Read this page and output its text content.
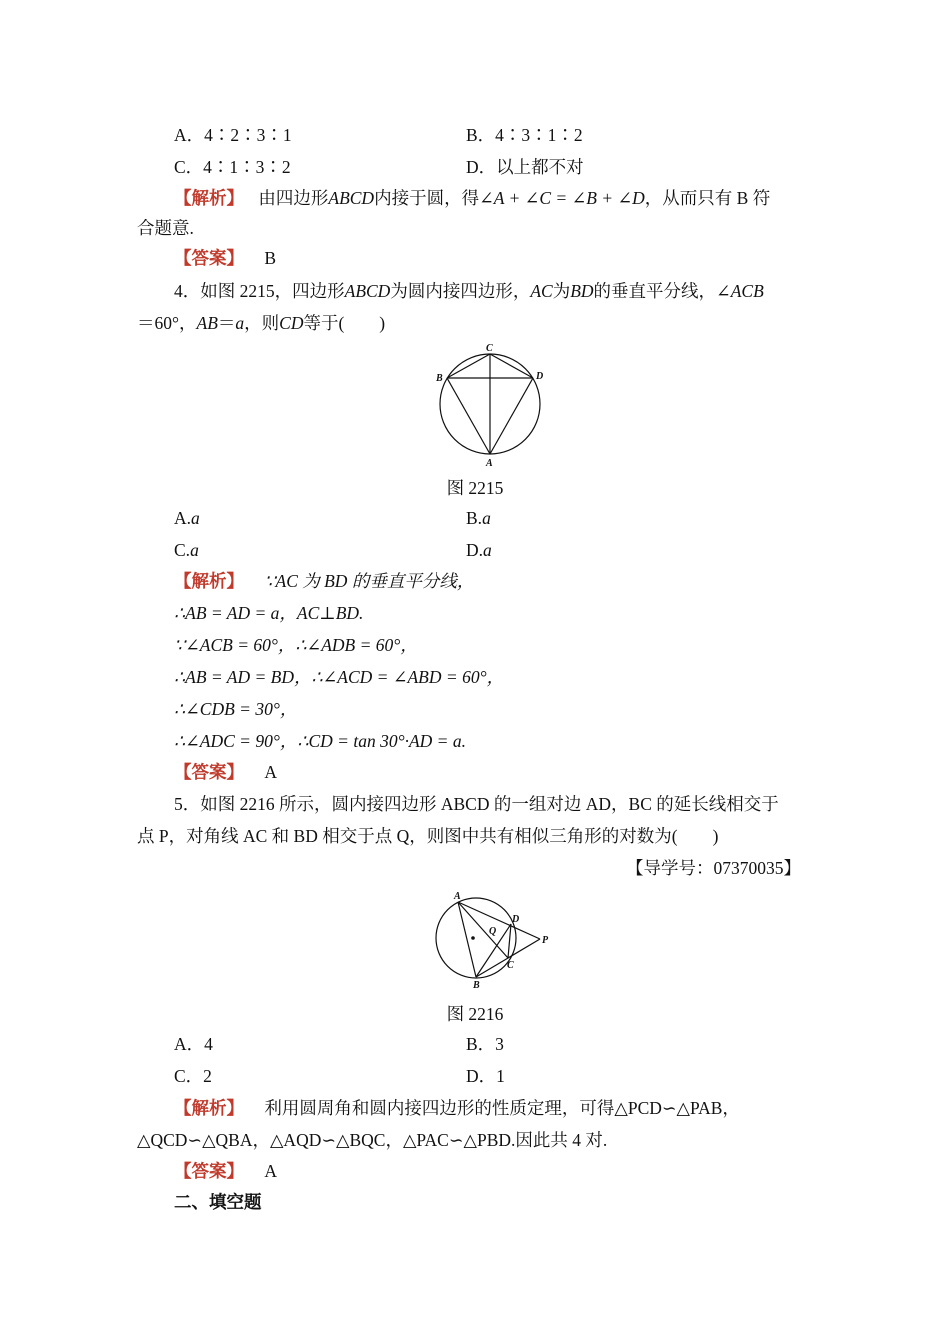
A．4∶2∶3∶1	B．4∶3∶1∶2
C．4∶1∶3∶2	D．以上都不对
【解析】 由四边形ABCD内接于圆，得∠A + ∠C = ∠B + ∠D，从而只有 B 符
合题意.
【答案】 B
4．如图 2215，四边形ABCD为圆内接四边形，AC为BD的垂直平分线，∠ACB
＝60°，AB＝a，则CD等于(　　)
C
B	D
A
图 2215
A.a	B.a
C.a	D.a
【解析】 ∵AC 为 BD 的垂直平分线，
∴AB = AD = a，AC⊥BD.
∵∠ACB = 60°，∴∠ADB = 60°，
∴AB = AD = BD，∴∠ACD = ∠ABD = 60°，
∴∠CDB = 30°，
∴∠ADC = 90°，∴CD = tan 30°·AD = a.
【答案】 A
5．如图 2216 所示，圆内接四边形 ABCD 的一组对边 AD，BC 的延长线相交于
点 P，对角线 AC 和 BD 相交于点 Q，则图中共有相似三角形的对数为(　　)
【导学号：07370035】
A
D
Q
P
C
B
图 2216
A．4	B．3
C．2	D．1
【解析】 利用圆周角和圆内接四边形的性质定理，可得△PCD∽△PAB，
△QCD∽△QBA，△AQD∽△BQC，△PAC∽△PBD.因此共 4 对.
【答案】 A
二、填空题
